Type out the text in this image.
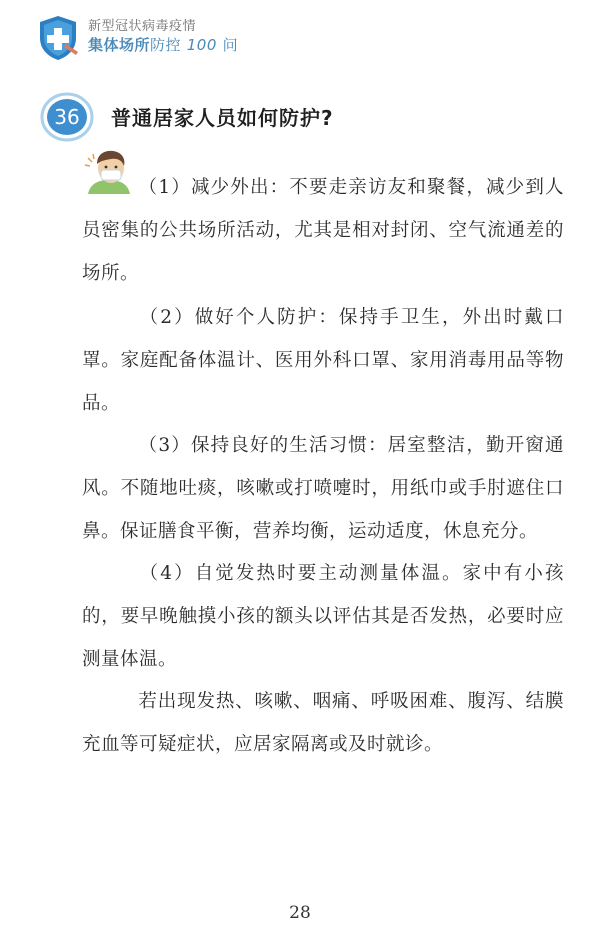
新型冠状病毒疫情
集体场所防控 100 问
36	普通居家人员如何防护?

（1）减少外出：不要走亲访友和聚餐，减少到人员密集的公共场所活动，尤其是相对封闭、空气流通差的场所。

（2）做好个人防护：保持手卫生，外出时戴口罩。家庭配备体温计、医用外科口罩、家用消毒用品等物品。

（3）保持良好的生活习惯：居室整洁，勤开窗通风。不随地吐痰，咳嗽或打喷嚏时，用纸巾或手肘遮住口鼻。保证膳食平衡，营养均衡，运动适度，休息充分。

（4）自觉发热时要主动测量体温。家中有小孩的，要早晚触摸小孩的额头以评估其是否发热，必要时应测量体温。

若出现发热、咳嗽、咽痛、呼吸困难、腹泻、结膜充血等可疑症状，应居家隔离或及时就诊。

28
